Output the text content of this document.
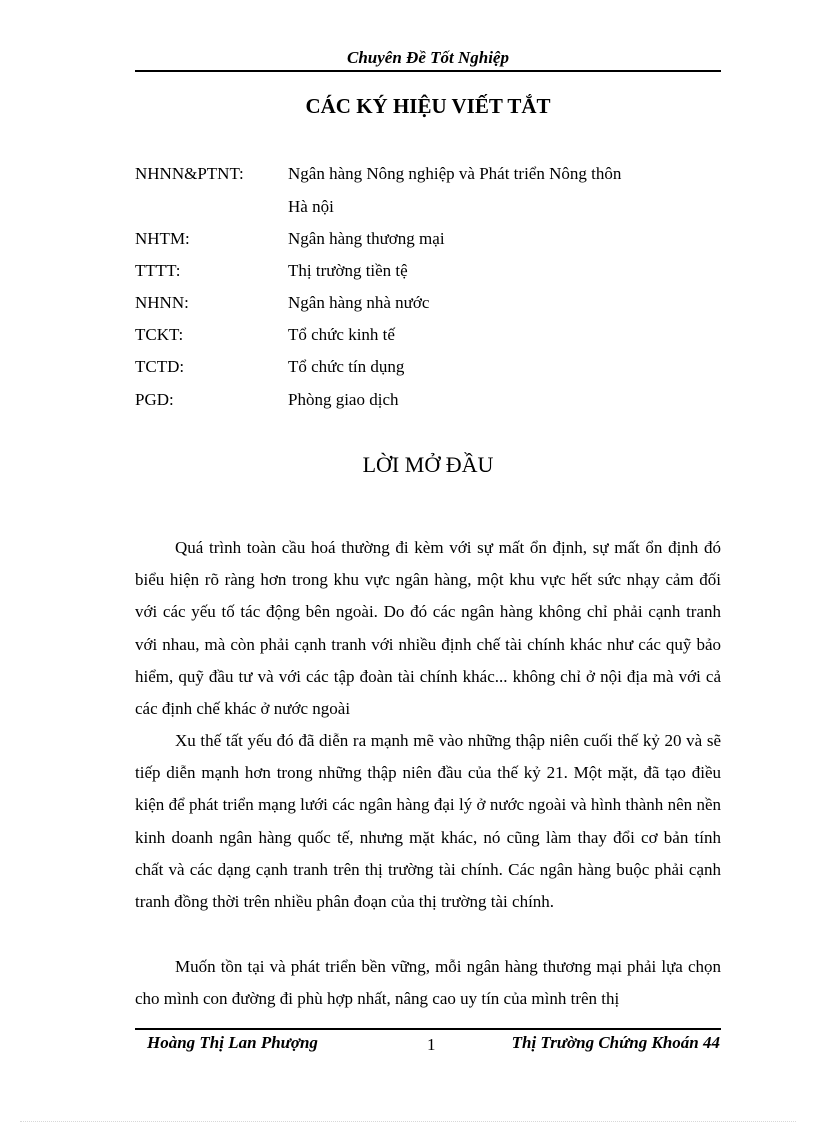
Chuyên Đề Tốt Nghiệp
CÁC KÝ HIỆU VIẾT TẮT
NHNN&PTNT:	Ngân hàng Nông nghiệp và Phát triển Nông thôn
Hà nội
NHTM:	Ngân hàng thương mại
TTTT:	Thị trường tiền tệ
NHNN:	Ngân hàng nhà nước
TCKT:	Tổ chức kinh tế
TCTD:	Tổ chức tín dụng
PGD:	Phòng giao dịch
LỜI MỞ ĐẦU

Quá trình toàn cầu hoá thường đi kèm với sự mất ổn định, sự mất ổn định đó biểu hiện rõ ràng hơn trong khu vực ngân hàng, một khu vực hết sức nhạy cảm đối với các yếu tố tác động bên ngoài. Do đó các ngân hàng không chỉ phải cạnh tranh với nhau, mà còn phải cạnh tranh với nhiều định chế tài chính khác như các quỹ bảo hiểm, quỹ đầu tư và với các tập đoàn tài chính khác... không chỉ ở nội địa mà với cả các định chế khác ở nước ngoài

Xu thế tất yếu đó đã diễn ra mạnh mẽ vào những thập niên cuối thế kỷ 20 và sẽ tiếp diễn mạnh hơn trong những thập niên đầu của thế kỷ 21. Một mặt, đã tạo điều kiện để phát triển mạng lưới các ngân hàng đại lý ở nước ngoài và hình thành nên nền kinh doanh ngân hàng quốc tế, nhưng mặt khác, nó cũng làm thay đổi cơ bản tính chất và các dạng cạnh tranh trên thị trường tài chính. Các ngân hàng buộc phải cạnh tranh đồng thời trên nhiều phân đoạn của thị trường tài chính.

Muốn tồn tại và phát triển bền vững, mỗi ngân hàng thương mại phải lựa chọn cho mình con đường đi phù hợp nhất, nâng cao uy tín của mình trên thị

Hoàng Thị Lan Phượng	1	Thị Trường Chứng Khoán 44
